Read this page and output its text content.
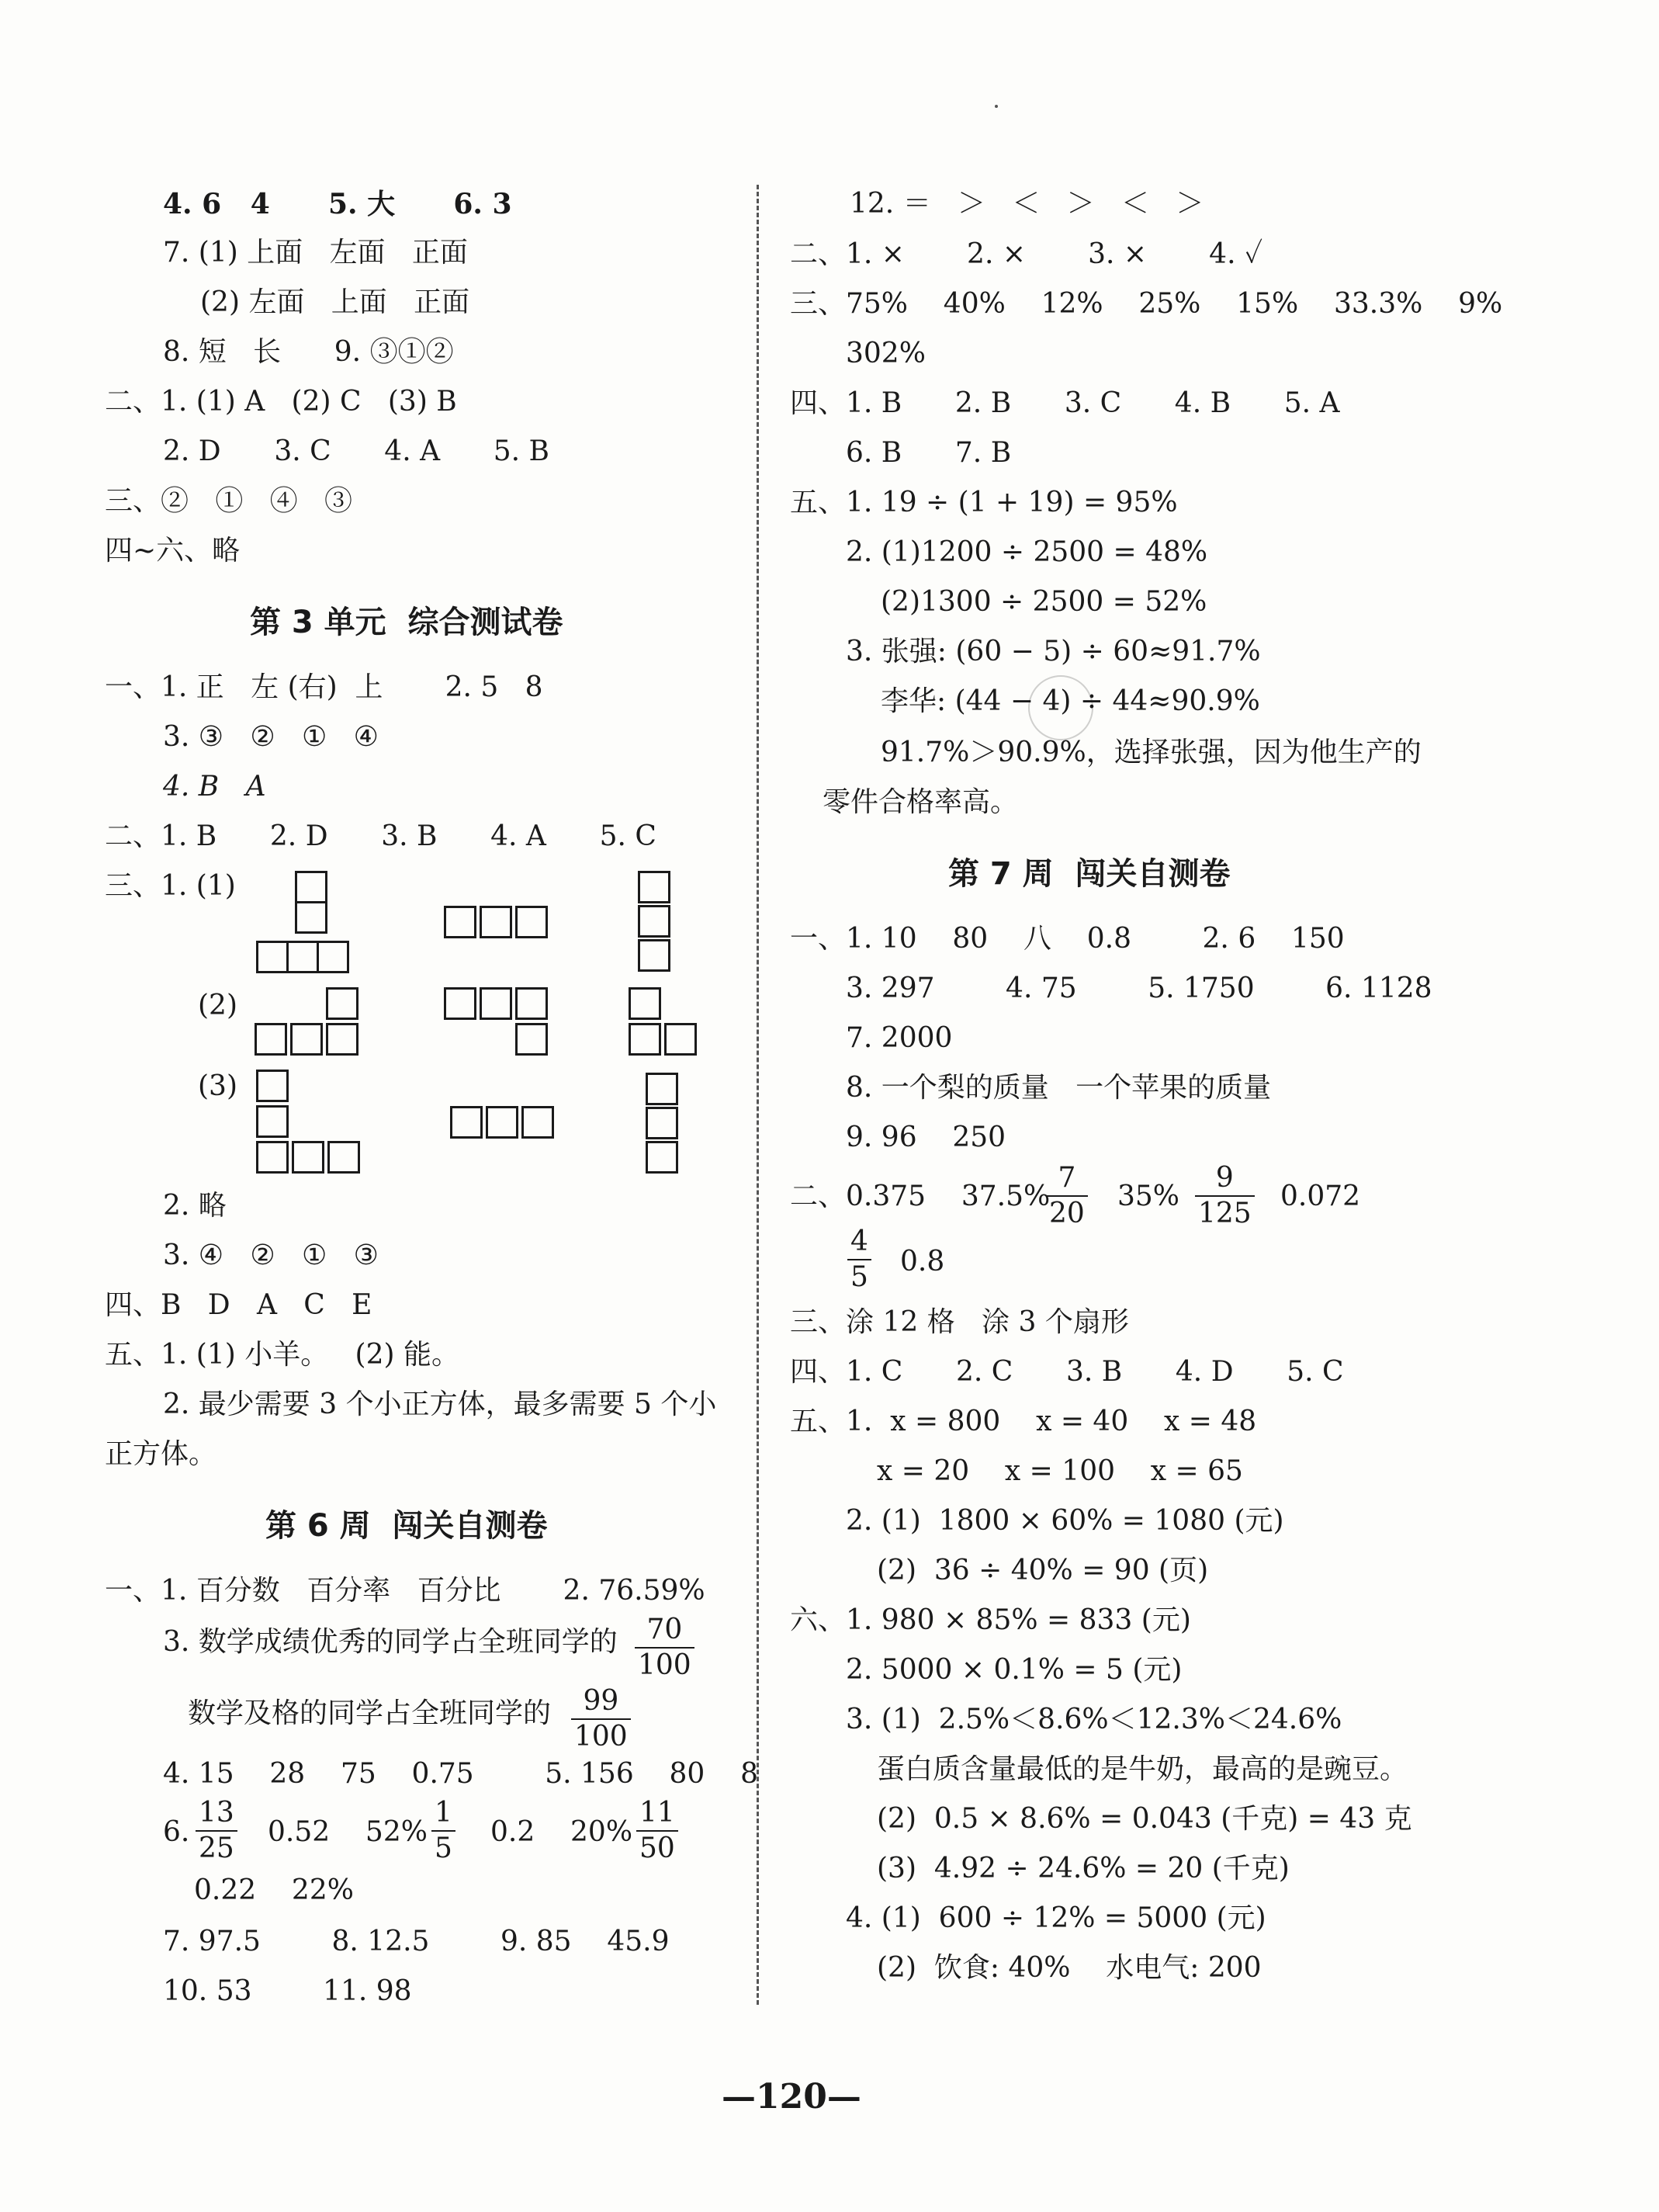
4. 6   4      5. 大      6. 3
7. (1) 上面   左面   正面
(2) 左面   上面   正面
8. 短   长      9. ③①②
二、1. (1) A   (2) C   (3) B
2. D      3. C      4. A      5. B
三、②   ①   ④   ③
四~六、略
第 3 单元  综合测试卷
一、1. 正   左 (右)  上       2. 5   8
3. ③   ②   ①   ④
4. B   A
二、1. B      2. D      3. B      4. A      5. C
三、1. (1)
(2)
(3)
2. 略
3. ④   ②   ①   ③
四、B   D   A   C   E
五、1. (1) 小羊。   (2) 能。
2. 最少需要 3 个小正方体，最多需要 5 个小
正方体。
第 6 周  闯关自测卷
一、1. 百分数   百分率   百分比       2. 76.59%
3. 数学成绩优秀的同学占全班同学的 70
100
数学及格的同学占全班同学的 99
100
4. 15    28    75    0.75        5. 156    80    8
6.
13
25
0.52    52%
1
5
0.2    20%
11
50
0.22    22%
7. 97.5        8. 12.5        9. 85    45.9
10. 53        11. 98
12. ＝   ＞   ＜   ＞   ＜   ＞
二、1. ×       2. ×       3. ×       4. ✓
三、75%    40%    12%    25%    15%    33.3%    9%
302%
四、1. B      2. B      3. C      4. B      5. A
6. B      7. B
五、1. 19 ÷ (1 + 19) = 95%
2. (1)1200 ÷ 2500 = 48%
(2)1300 ÷ 2500 = 52%
3. 张强: (60 − 5) ÷ 60≈91.7%
李华: (44 − 4) ÷ 44≈90.9%
91.7%＞90.9%，选择张强，因为他生产的
零件合格率高。
第 7 周  闯关自测卷
一、1. 10    80    八    0.8        2. 6    150
3. 297        4. 75        5. 1750        6. 1128
7. 2000
8. 一个梨的质量   一个苹果的质量
9. 96    250
二、0.375    37.5%
7
20
35%
9
125
0.072
4
5 0.8
三、涂 12 格   涂 3 个扇形
四、1. C      2. C      3. B      4. D      5. C
五、1.  x = 800    x = 40    x = 48
x = 20    x = 100    x = 65
2. (1)  1800 × 60% = 1080 (元)
(2)  36 ÷ 40% = 90 (页)
六、1. 980 × 85% = 833 (元)
2. 5000 × 0.1% = 5 (元)
3. (1)  2.5%＜8.6%＜12.3%＜24.6%
蛋白质含量最低的是牛奶，最高的是豌豆。
(2)  0.5 × 8.6% = 0.043 (千克) = 43 克
(3)  4.92 ÷ 24.6% = 20 (千克)
4. (1)  600 ÷ 12% = 5000 (元)
(2)  饮食: 40%    水电气: 200
—120—
